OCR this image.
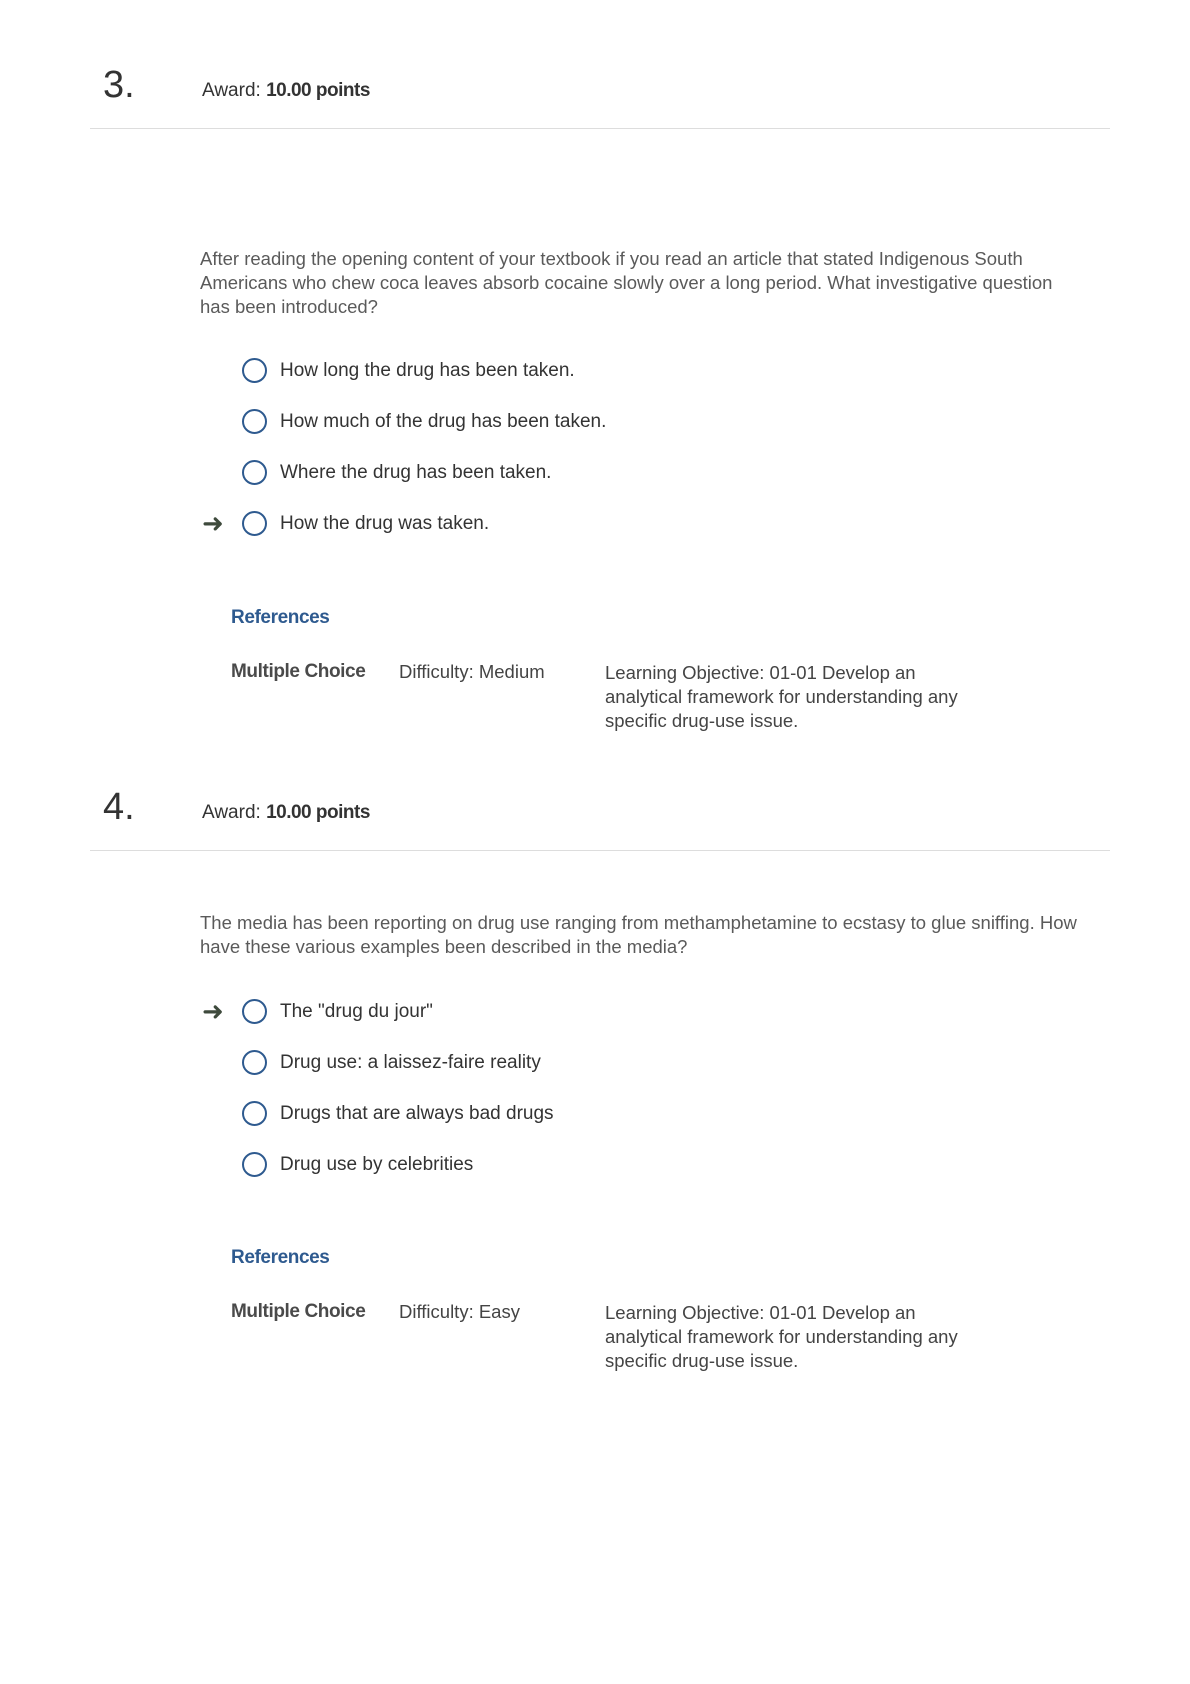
3.	Award: 10.00 points
After reading the opening content of your textbook if you read an article that stated Indigenous South Americans who chew coca leaves absorb cocaine slowly over a long period. What investigative question has been introduced?
How long the drug has been taken.
How much of the drug has been taken.
Where the drug has been taken.
➜	How the drug was taken.
References
Multiple Choice Difficulty: Medium	Learning Objective: 01-01 Develop an analytical framework for understanding any specific drug-use issue.
4.	Award: 10.00 points
The media has been reporting on drug use ranging from methamphetamine to ecstasy to glue sniffing. How have these various examples been described in the media?
➜	The "drug du jour"
Drug use: a laissez-faire reality
Drugs that are always bad drugs
Drug use by celebrities
References
Multiple Choice Difficulty: Easy	Learning Objective: 01-01 Develop an analytical framework for understanding any specific drug-use issue.
